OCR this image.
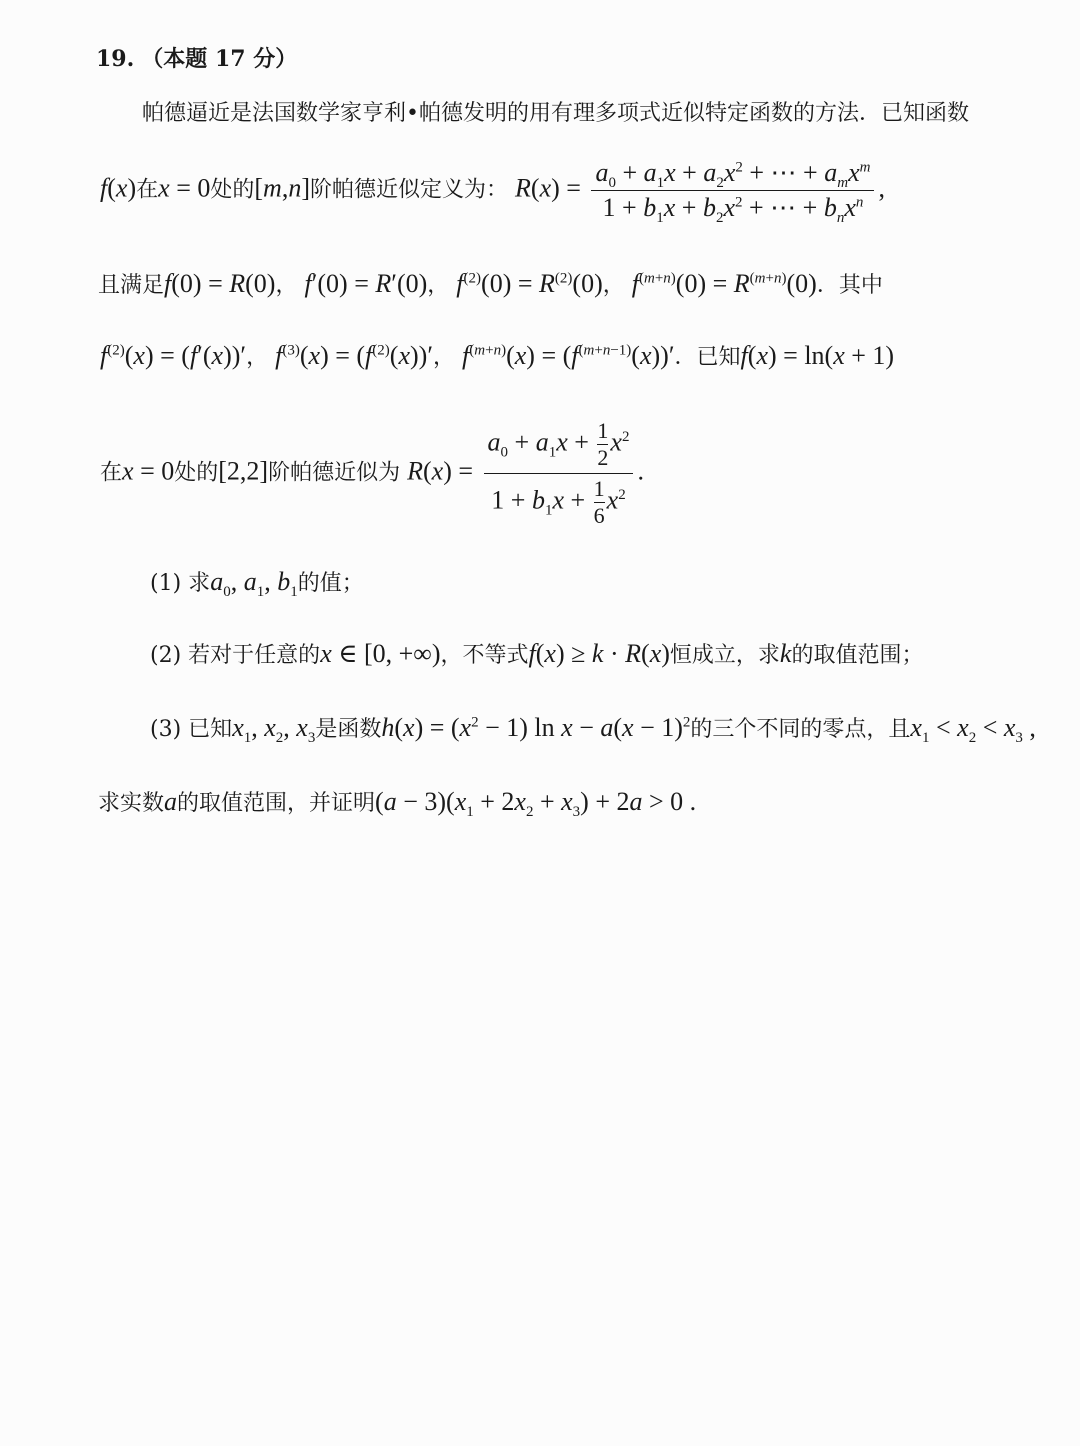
19. （本题 17 分）
帕德逼近是法国数学家亨利•帕德发明的用有理多项式近似特定函数的方法．已知函数
f(x)在x = 0处的[m,n]阶帕德近似定义为： $R(x) = \frac{a_0 + a_1x + a_2x^2 + \cdots + a_mx^m}{1 + b_1x + b_2x^2 + \cdots + b_nx^n}$ ,
且满足f(0) = R(0)， f′(0) = R′(0)， $f^{(2)}(0) = R^{(2)}(0)$， $f^{(m+n)}(0) = R^{(m+n)}(0)$．其中
$f^{(2)}(x) = (f'(x))'$， $f^{(3)}(x) = (f^{(2)}(x))'$， $f^{(m+n)}(x) = (f^{(m+n-1)}(x))'$．已知f(x) = ln(x + 1)
在x = 0处的[2,2]阶帕德近似为 $R(x) = \frac{a_0 + a_1x + \frac{1}{2} x^2}{1 + b_1x + \frac{1}{6} x^2}$ .
(1) 求$a_0$, $a_1$, $b_1$的值；
(2) 若对于任意的x ∈ [0, +∞)，不等式f(x) ≥ k · R(x)恒成立，求k的取值范围；
(3) 已知$x_1$, $x_2$, $x_3$是函数$h(x) = (x^2 - 1)$ $\ln x - a(x - 1)^2$的三个不同的零点，且$x_1 < x_2 < x_3$ ,
求实数a的取值范围，并证明$(a - 3)(x_1 + 2x_2 + x_3) + 2a > 0$ .
